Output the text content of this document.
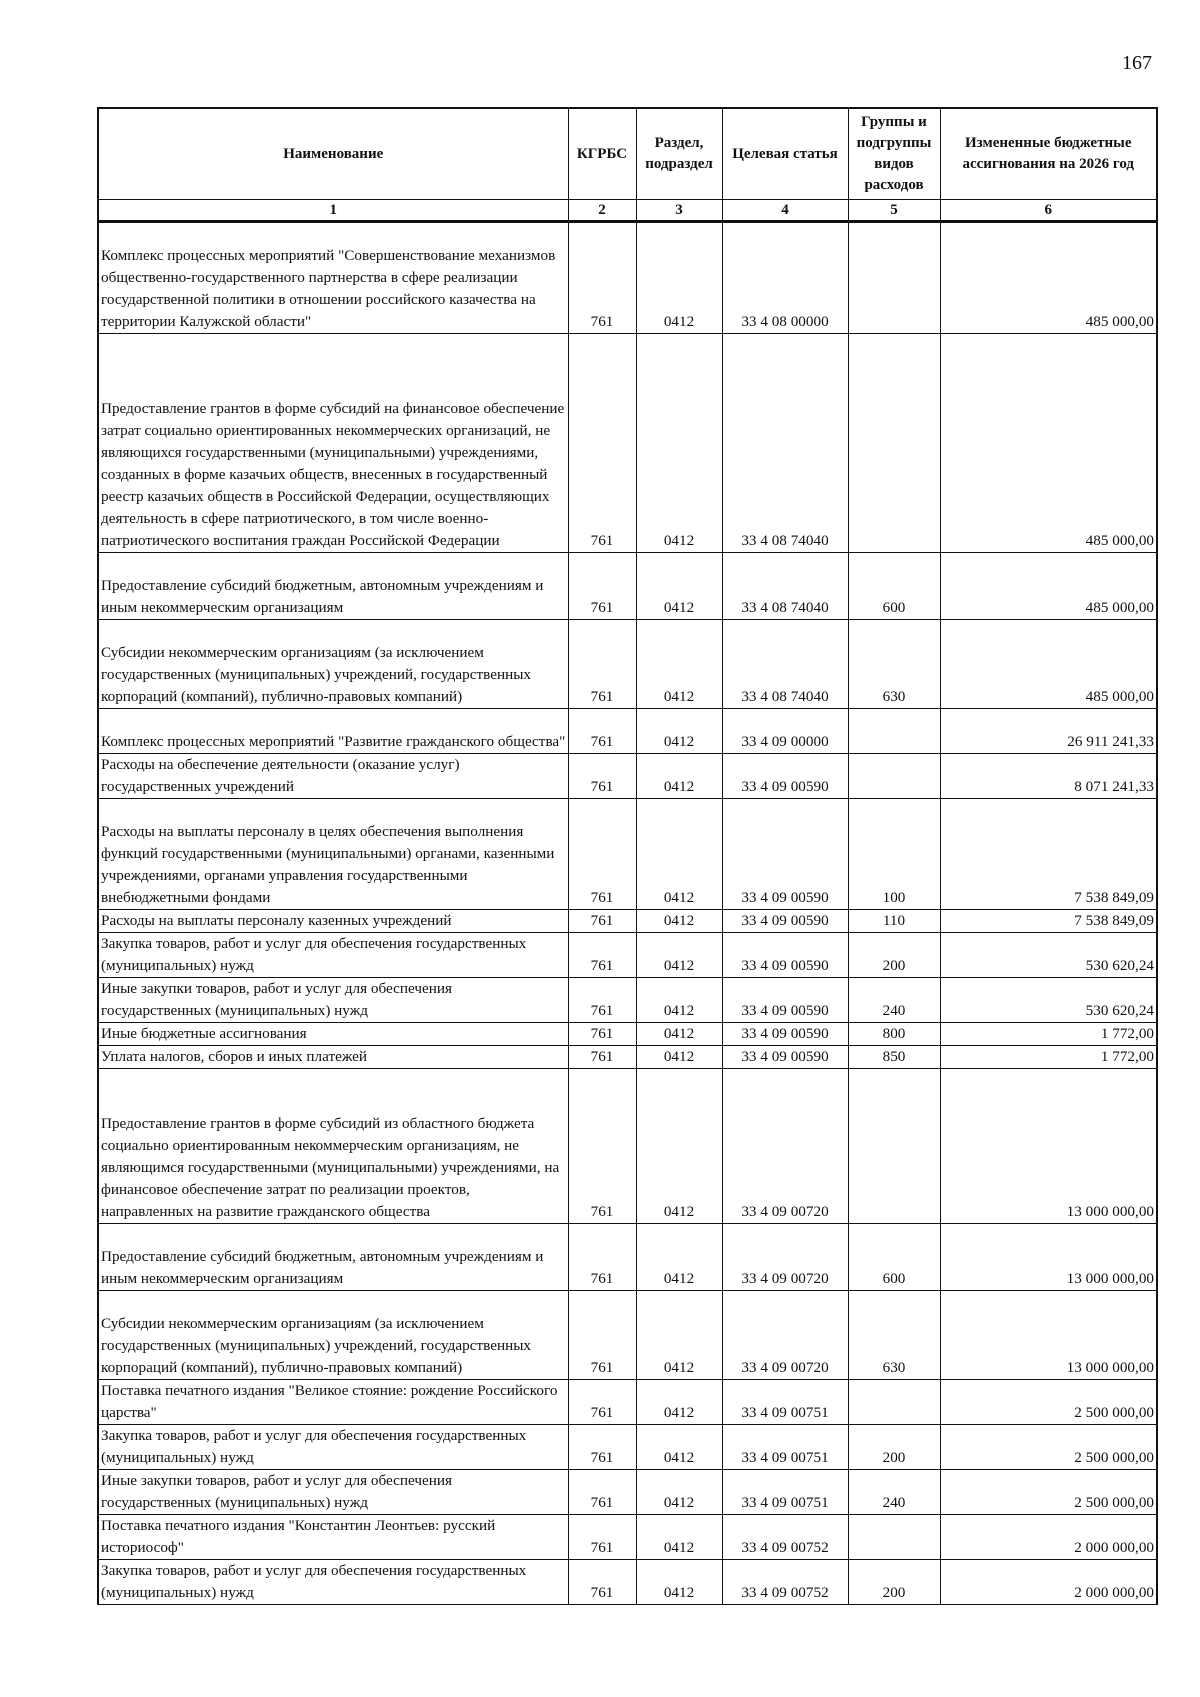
167
Наименование	КГРБС	Раздел, подраздел	Целевая статья	Группы и подгруппы видов расходов	Измененные бюджетные ассигнования на 2026 год
1	2	3	4	5	6
Комплекс процессных мероприятий "Совершенствование механизмов общественно-государственного партнерства в сфере реализации государственной политики в отношении российского казачества на территории Калужской области"	761	0412	33 4 08 00000		485 000,00
Предоставление грантов в форме субсидий на финансовое обеспечение затрат социально ориентированных некоммерческих организаций, не являющихся государственными (муниципальными) учреждениями, созданных в форме казачьих обществ, внесенных в государственный реестр казачьих обществ в Российской Федерации, осуществляющих деятельность в сфере патриотического, в том числе военно-патриотического воспитания граждан Российской Федерации	761	0412	33 4 08 74040		485 000,00
Предоставление субсидий бюджетным, автономным учреждениям и иным некоммерческим организациям	761	0412	33 4 08 74040	600	485 000,00
Субсидии некоммерческим организациям (за исключением государственных (муниципальных) учреждений, государственных корпораций (компаний), публично-правовых компаний)	761	0412	33 4 08 74040	630	485 000,00
Комплекс процессных мероприятий "Развитие гражданского общества"	761	0412	33 4 09 00000		26 911 241,33
Расходы на обеспечение деятельности (оказание услуг) государственных учреждений	761	0412	33 4 09 00590		8 071 241,33
Расходы на выплаты персоналу в целях обеспечения выполнения функций государственными (муниципальными) органами, казенными учреждениями, органами управления государственными внебюджетными фондами	761	0412	33 4 09 00590	100	7 538 849,09
Расходы на выплаты персоналу казенных учреждений	761	0412	33 4 09 00590	110	7 538 849,09
Закупка товаров, работ и услуг для обеспечения государственных (муниципальных) нужд	761	0412	33 4 09 00590	200	530 620,24
Иные закупки товаров, работ и услуг для обеспечения государственных (муниципальных) нужд	761	0412	33 4 09 00590	240	530 620,24
Иные бюджетные ассигнования	761	0412	33 4 09 00590	800	1 772,00
Уплата налогов, сборов и иных платежей	761	0412	33 4 09 00590	850	1 772,00
Предоставление грантов в форме субсидий из областного бюджета социально ориентированным некоммерческим организациям, не являющимся государственными (муниципальными) учреждениями, на финансовое обеспечение затрат по реализации проектов, направленных на развитие гражданского общества	761	0412	33 4 09 00720		13 000 000,00
Предоставление субсидий бюджетным, автономным учреждениям и иным некоммерческим организациям	761	0412	33 4 09 00720	600	13 000 000,00
Субсидии некоммерческим организациям (за исключением государственных (муниципальных) учреждений, государственных корпораций (компаний), публично-правовых компаний)	761	0412	33 4 09 00720	630	13 000 000,00
Поставка печатного издания "Великое стояние: рождение Российского царства"	761	0412	33 4 09 00751		2 500 000,00
Закупка товаров, работ и услуг для обеспечения государственных (муниципальных) нужд	761	0412	33 4 09 00751	200	2 500 000,00
Иные закупки товаров, работ и услуг для обеспечения государственных (муниципальных) нужд	761	0412	33 4 09 00751	240	2 500 000,00
Поставка печатного издания "Константин Леонтьев: русский историософ"	761	0412	33 4 09 00752		2 000 000,00
Закупка товаров, работ и услуг для обеспечения государственных (муниципальных) нужд	761	0412	33 4 09 00752	200	2 000 000,00
